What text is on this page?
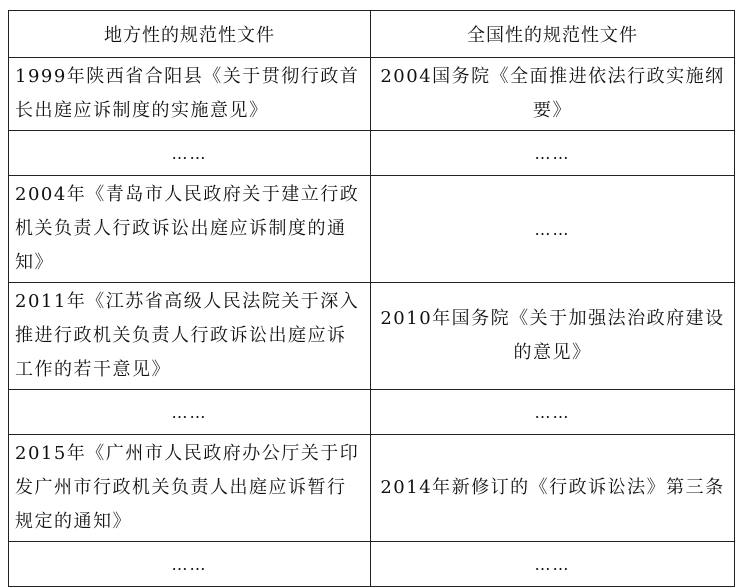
地方性的规范性文件	全国性的规范性文件
1999年陕西省合阳县《关于贯彻行政首长出庭应诉制度的实施意见》	2004国务院《全面推进依法行政实施纲要》
……	……
2004年《青岛市人民政府关于建立行政机关负责人行政诉讼出庭应诉制度的通知》	……
2011年《江苏省高级人民法院关于深入推进行政机关负责人行政诉讼出庭应诉工作的若干意见》	2010年国务院《关于加强法治政府建设的意见》
……	……
2015年《广州市人民政府办公厅关于印发广州市行政机关负责人出庭应诉暂行规定的通知》	2014年新修订的《行政诉讼法》第三条
……	……
